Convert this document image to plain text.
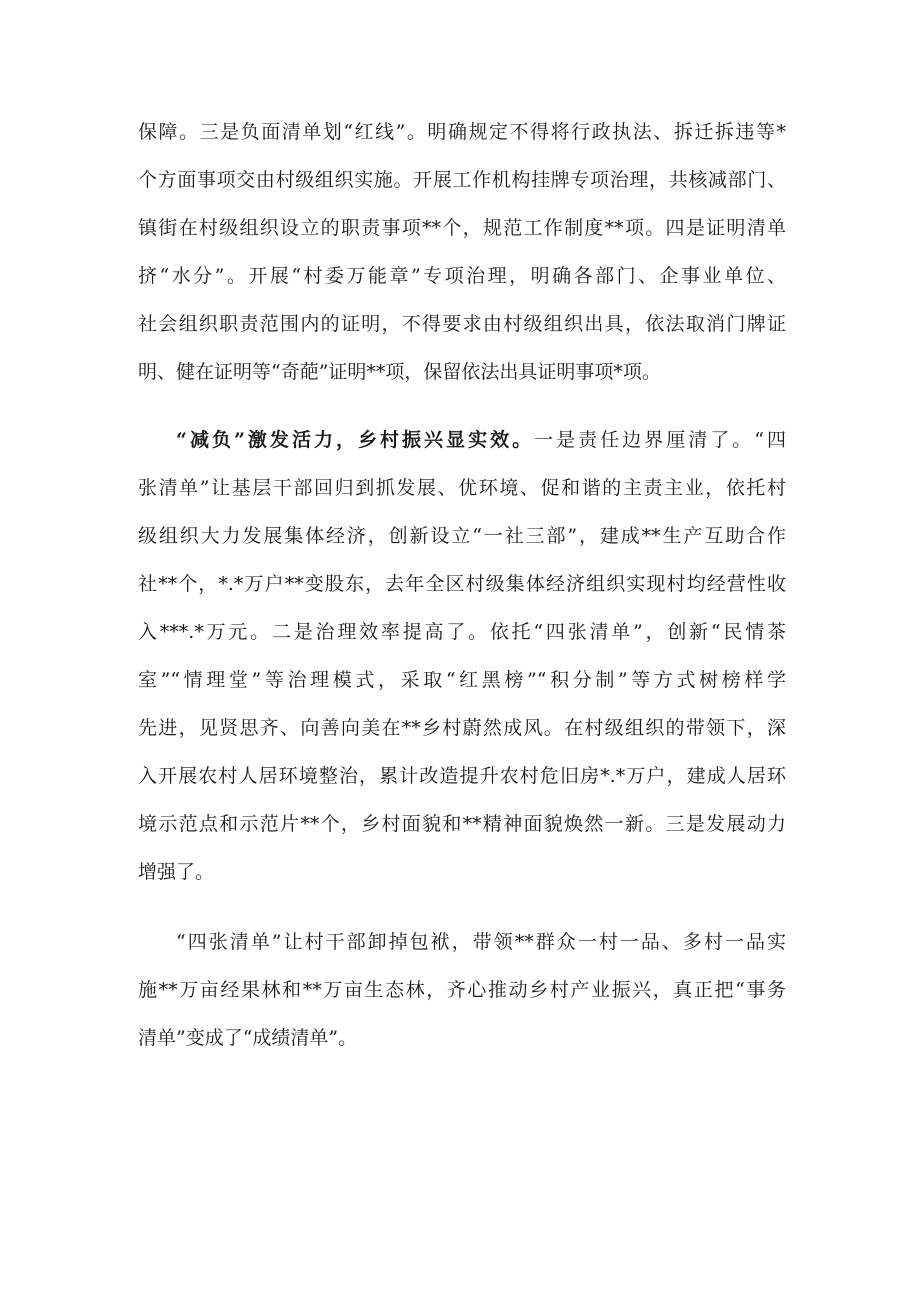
保障。三是负面清单划“红线”。明确规定不得将行政执法、拆迁拆违等*
个方面事项交由村级组织实施。开展工作机构挂牌专项治理，共核减部门、
镇街在村级组织设立的职责事项**个，规范工作制度**项。四是证明清单
挤“水分”。开展“村委万能章”专项治理，明确各部门、企事业单位、
社会组织职责范围内的证明，不得要求由村级组织出具，依法取消门牌证
明、健在证明等“奇葩”证明**项，保留依法出具证明事项*项。

“减负”激发活力，乡村振兴显实效。一是责任边界厘清了。“四
张清单”让基层干部回归到抓发展、优环境、促和谐的主责主业，依托村
级组织大力发展集体经济，创新设立“一社三部”，建成**生产互助合作
社**个，*.*万户**变股东，去年全区村级集体经济组织实现村均经营性收
入***.*万元。二是治理效率提高了。依托“四张清单”，创新“民情茶
室”“情理堂”等治理模式，采取“红黑榜”“积分制”等方式树榜样学
先进，见贤思齐、向善向美在**乡村蔚然成风。在村级组织的带领下，深
入开展农村人居环境整治，累计改造提升农村危旧房*.*万户，建成人居环
境示范点和示范片**个，乡村面貌和**精神面貌焕然一新。三是发展动力
增强了。

“四张清单”让村干部卸掉包袱，带领**群众一村一品、多村一品实
施**万亩经果林和**万亩生态林，齐心推动乡村产业振兴，真正把“事务
清单”变成了“成绩清单”。
